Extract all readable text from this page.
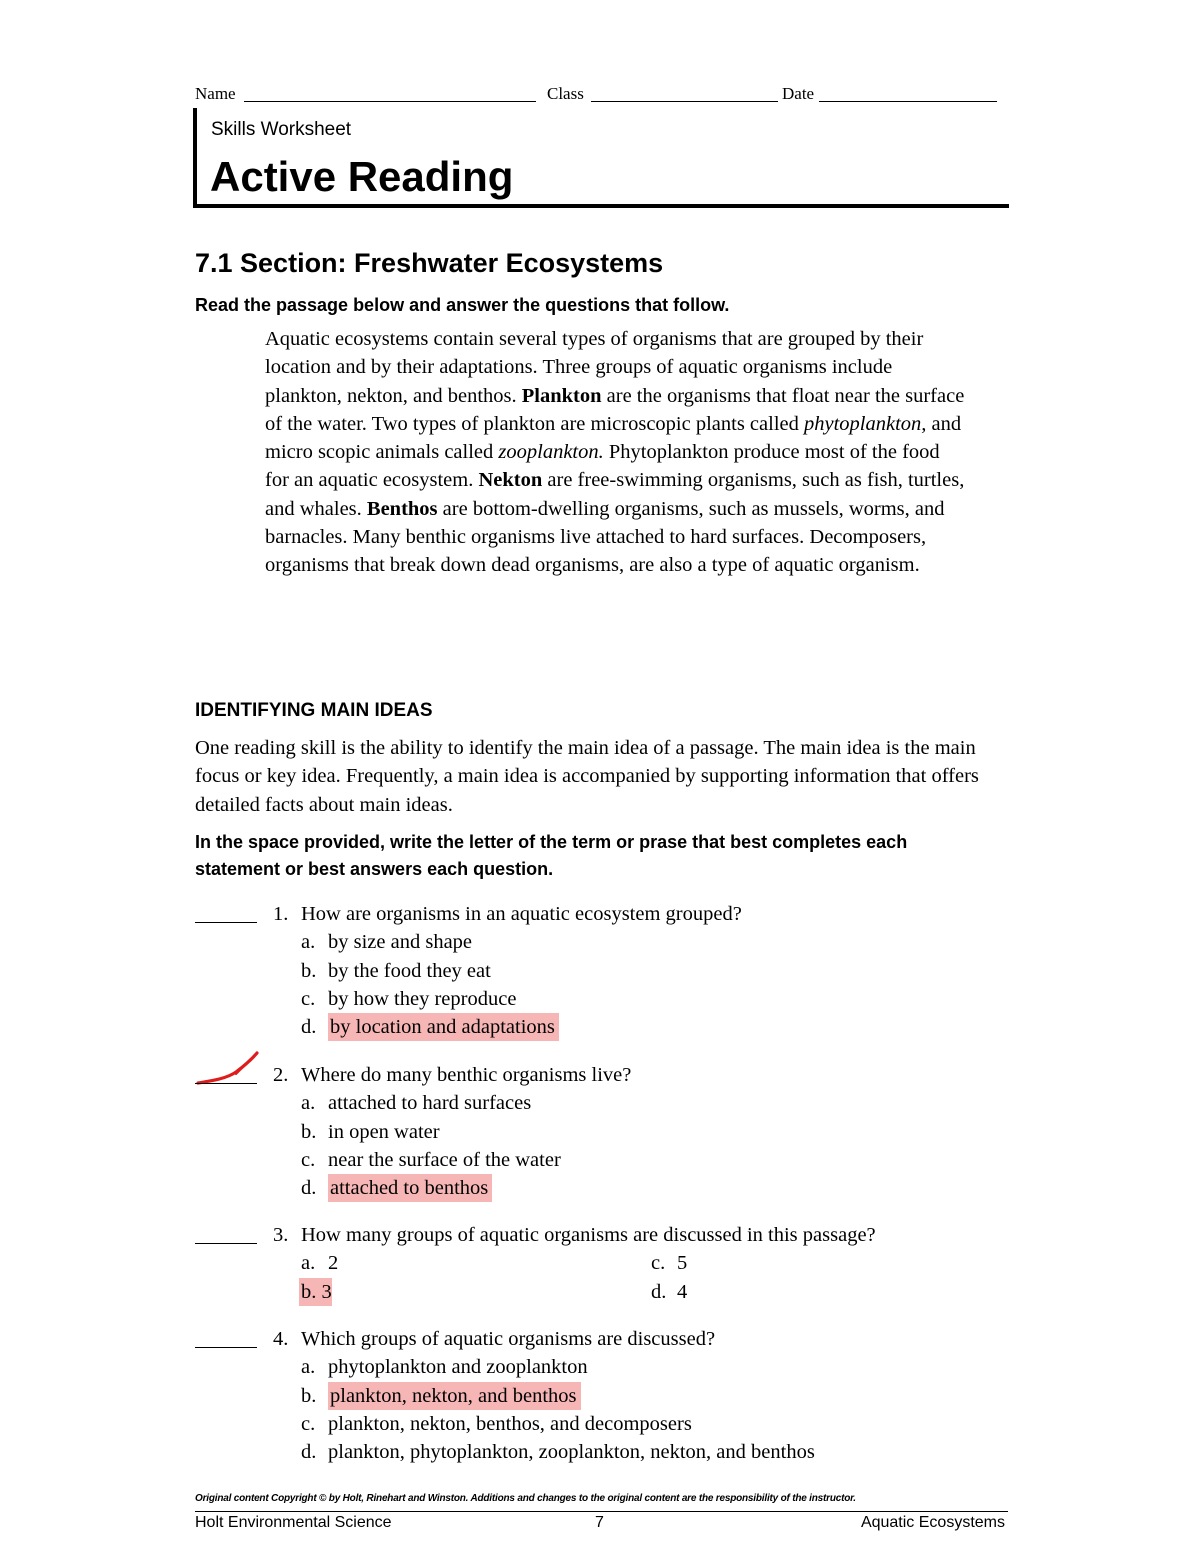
Name	Class	Date
Skills Worksheet
Active Reading
7.1 Section: Freshwater Ecosystems
Read the passage below and answer the questions that follow.
Aquatic ecosystems contain several types of organisms that are grouped by their location and by their adaptations. Three groups of aquatic organisms include plankton, nekton, and benthos. Plankton are the organisms that float near the surface of the water. Two types of plankton are microscopic plants called phytoplankton, and micro scopic animals called zooplankton. Phytoplankton produce most of the food for an aquatic ecosystem. Nekton are free-swimming organisms, such as fish, turtles, and whales. Benthos are bottom-dwelling organisms, such as mussels, worms, and barnacles. Many benthic organisms live attached to hard surfaces. Decomposers, organisms that break down dead organisms, are also a type of aquatic organism.
IDENTIFYING MAIN IDEAS
One reading skill is the ability to identify the main idea of a passage. The main idea is the main focus or key idea. Frequently, a main idea is accompanied by supporting information that offers detailed facts about main ideas.
In the space provided, write the letter of the term or prase that best completes each statement or best answers each question.
1. How are organisms in an aquatic ecosystem grouped?
a. by size and shape
b. by the food they eat
c. by how they reproduce
d. by location and adaptations
2. Where do many benthic organisms live?
a. attached to hard surfaces
b. in open water
c. near the surface of the water
d. attached to benthos
3. How many groups of aquatic organisms are discussed in this passage?
a. 2	c. 5
b. 3	d. 4
4. Which groups of aquatic organisms are discussed?
a. phytoplankton and zooplankton
b. plankton, nekton, and benthos
c. plankton, nekton, benthos, and decomposers
d. plankton, phytoplankton, zooplankton, nekton, and benthos
Original content Copyright © by Holt, Rinehart and Winston. Additions and changes to the original content are the responsibility of the instructor.
Holt Environmental Science	7	Aquatic Ecosystems
